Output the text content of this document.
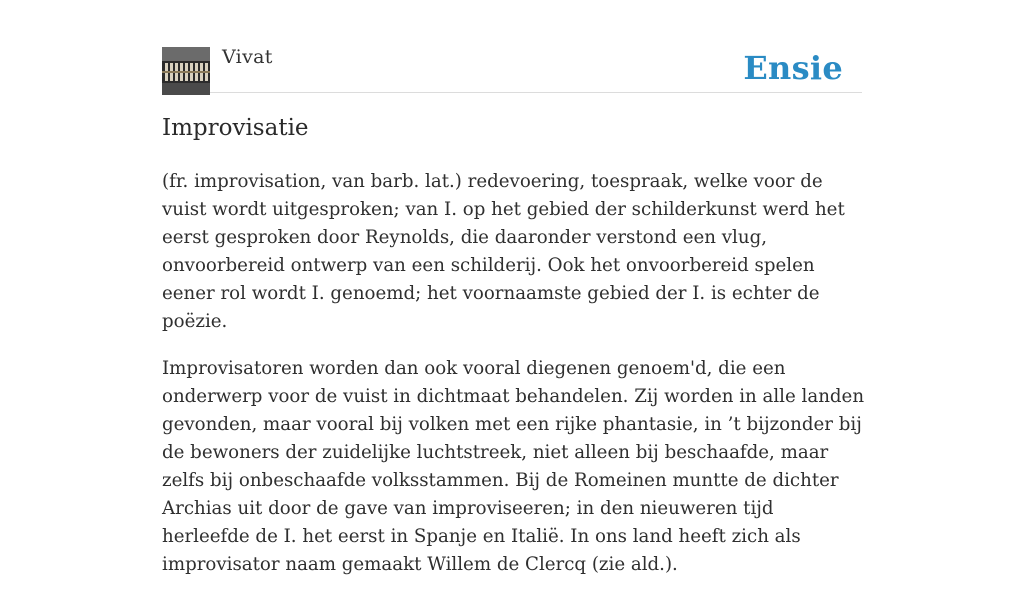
Vivat	Ensie
Improvisatie

(fr. improvisation, van barb. lat.) redevoering, toespraak, welke voor de vuist wordt uitgesproken; van I. op het gebied der schilderkunst werd het eerst gesproken door Reynolds, die daaronder verstond een vlug, onvoorbereid ontwerp van een schilderij. Ook het onvoorbereid spelen eener rol wordt I. genoemd; het voornaamste gebied der I. is echter de poëzie.

Improvisatoren worden dan ook vooral diegenen genoem'd, die een onderwerp voor de vuist in dichtmaat behandelen. Zij worden in alle landen gevonden, maar vooral bij volken met een rijke phantasie, in ’t bijzonder bij de bewoners der zuidelijke luchtstreek, niet alleen bij beschaafde, maar zelfs bij onbeschaafde volksstammen. Bij de Romeinen muntte de dichter Archias uit door de gave van improviseeren; in den nieuweren tijd herleefde de I. het eerst in Spanje en Italië. In ons land heeft zich als improvisator naam gemaakt Willem de Clercq (zie ald.).
